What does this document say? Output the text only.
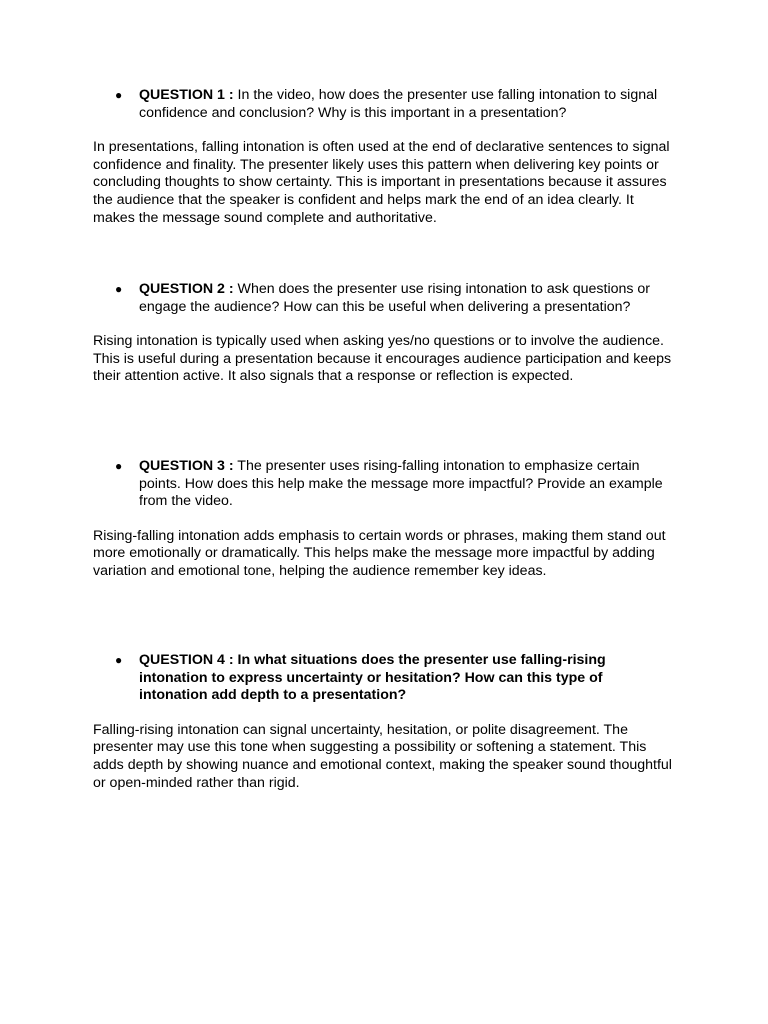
● QUESTION 1 : In the video, how does the presenter use falling intonation to signal confidence and conclusion? Why is this important in a presentation?
In presentations, falling intonation is often used at the end of declarative sentences to signal confidence and finality. The presenter likely uses this pattern when delivering key points or concluding thoughts to show certainty. This is important in presentations because it assures the audience that the speaker is confident and helps mark the end of an idea clearly. It makes the message sound complete and authoritative.
● QUESTION 2 : When does the presenter use rising intonation to ask questions or engage the audience? How can this be useful when delivering a presentation?
Rising intonation is typically used when asking yes/no questions or to involve the audience. This is useful during a presentation because it encourages audience participation and keeps their attention active. It also signals that a response or reflection is expected.
● QUESTION 3 : The presenter uses rising-falling intonation to emphasize certain points. How does this help make the message more impactful? Provide an example from the video.
Rising-falling intonation adds emphasis to certain words or phrases, making them stand out more emotionally or dramatically. This helps make the message more impactful by adding variation and emotional tone, helping the audience remember key ideas.
● QUESTION 4 : In what situations does the presenter use falling-rising intonation to express uncertainty or hesitation? How can this type of intonation add depth to a presentation?
Falling-rising intonation can signal uncertainty, hesitation, or polite disagreement. The presenter may use this tone when suggesting a possibility or softening a statement. This adds depth by showing nuance and emotional context, making the speaker sound thoughtful or open-minded rather than rigid.
